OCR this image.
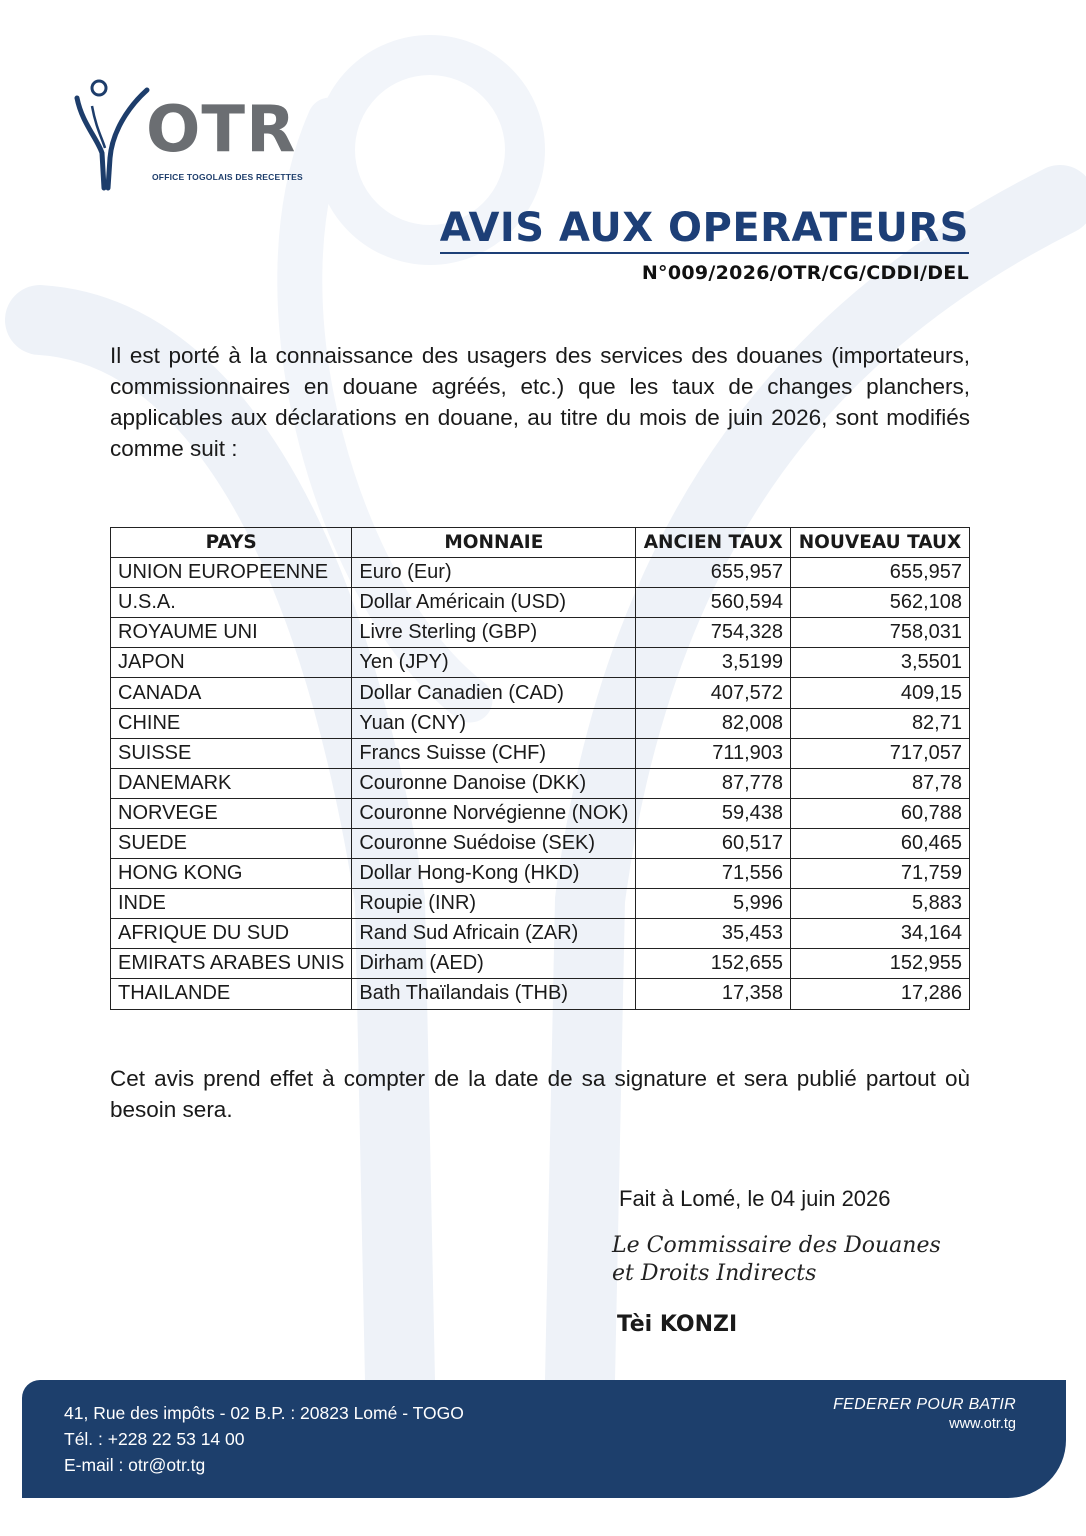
OTR
OFFICE TOGOLAIS DES RECETTES
AVIS AUX OPERATEURS
N°009/2026/OTR/CG/CDDI/DEL

Il est porté à la connaissance des usagers des services des douanes (importateurs, commissionnaires en douane agréés, etc.) que les taux de changes planchers, applicables aux déclarations en douane, au titre du mois de juin 2026, sont modifiés comme suit :

PAYS	MONNAIE	ANCIEN TAUX	NOUVEAU TAUX
UNION EUROPEENNE	Euro (Eur)	655,957	655,957
U.S.A.	Dollar Américain (USD)	560,594	562,108
ROYAUME UNI	Livre Sterling (GBP)	754,328	758,031
JAPON	Yen (JPY)	3,5199	3,5501
CANADA	Dollar Canadien (CAD)	407,572	409,15
CHINE	Yuan (CNY)	82,008	82,71
SUISSE	Francs Suisse (CHF)	711,903	717,057
DANEMARK	Couronne Danoise (DKK)	87,778	87,78
NORVEGE	Couronne Norvégienne (NOK)	59,438	60,788
SUEDE	Couronne Suédoise (SEK)	60,517	60,465
HONG KONG	Dollar Hong-Kong (HKD)	71,556	71,759
INDE	Roupie (INR)	5,996	5,883
AFRIQUE DU SUD	Rand Sud Africain (ZAR)	35,453	34,164
EMIRATS ARABES UNIS	Dirham (AED)	152,655	152,955
THAILANDE	Bath Thaïlandais (THB)	17,358	17,286

Cet avis prend effet à compter de la date de sa signature et sera publié partout où besoin sera.

Fait à Lomé, le 04 juin 2026
Le Commissaire des Douanes
et Droits Indirects
Tèi KONZI
41, Rue des impôts - 02 B.P. : 20823 Lomé - TOGO
Tél. : +228 22 53 14 00
E-mail : otr@otr.tg
FEDERER POUR BATIR
www.otr.tg
